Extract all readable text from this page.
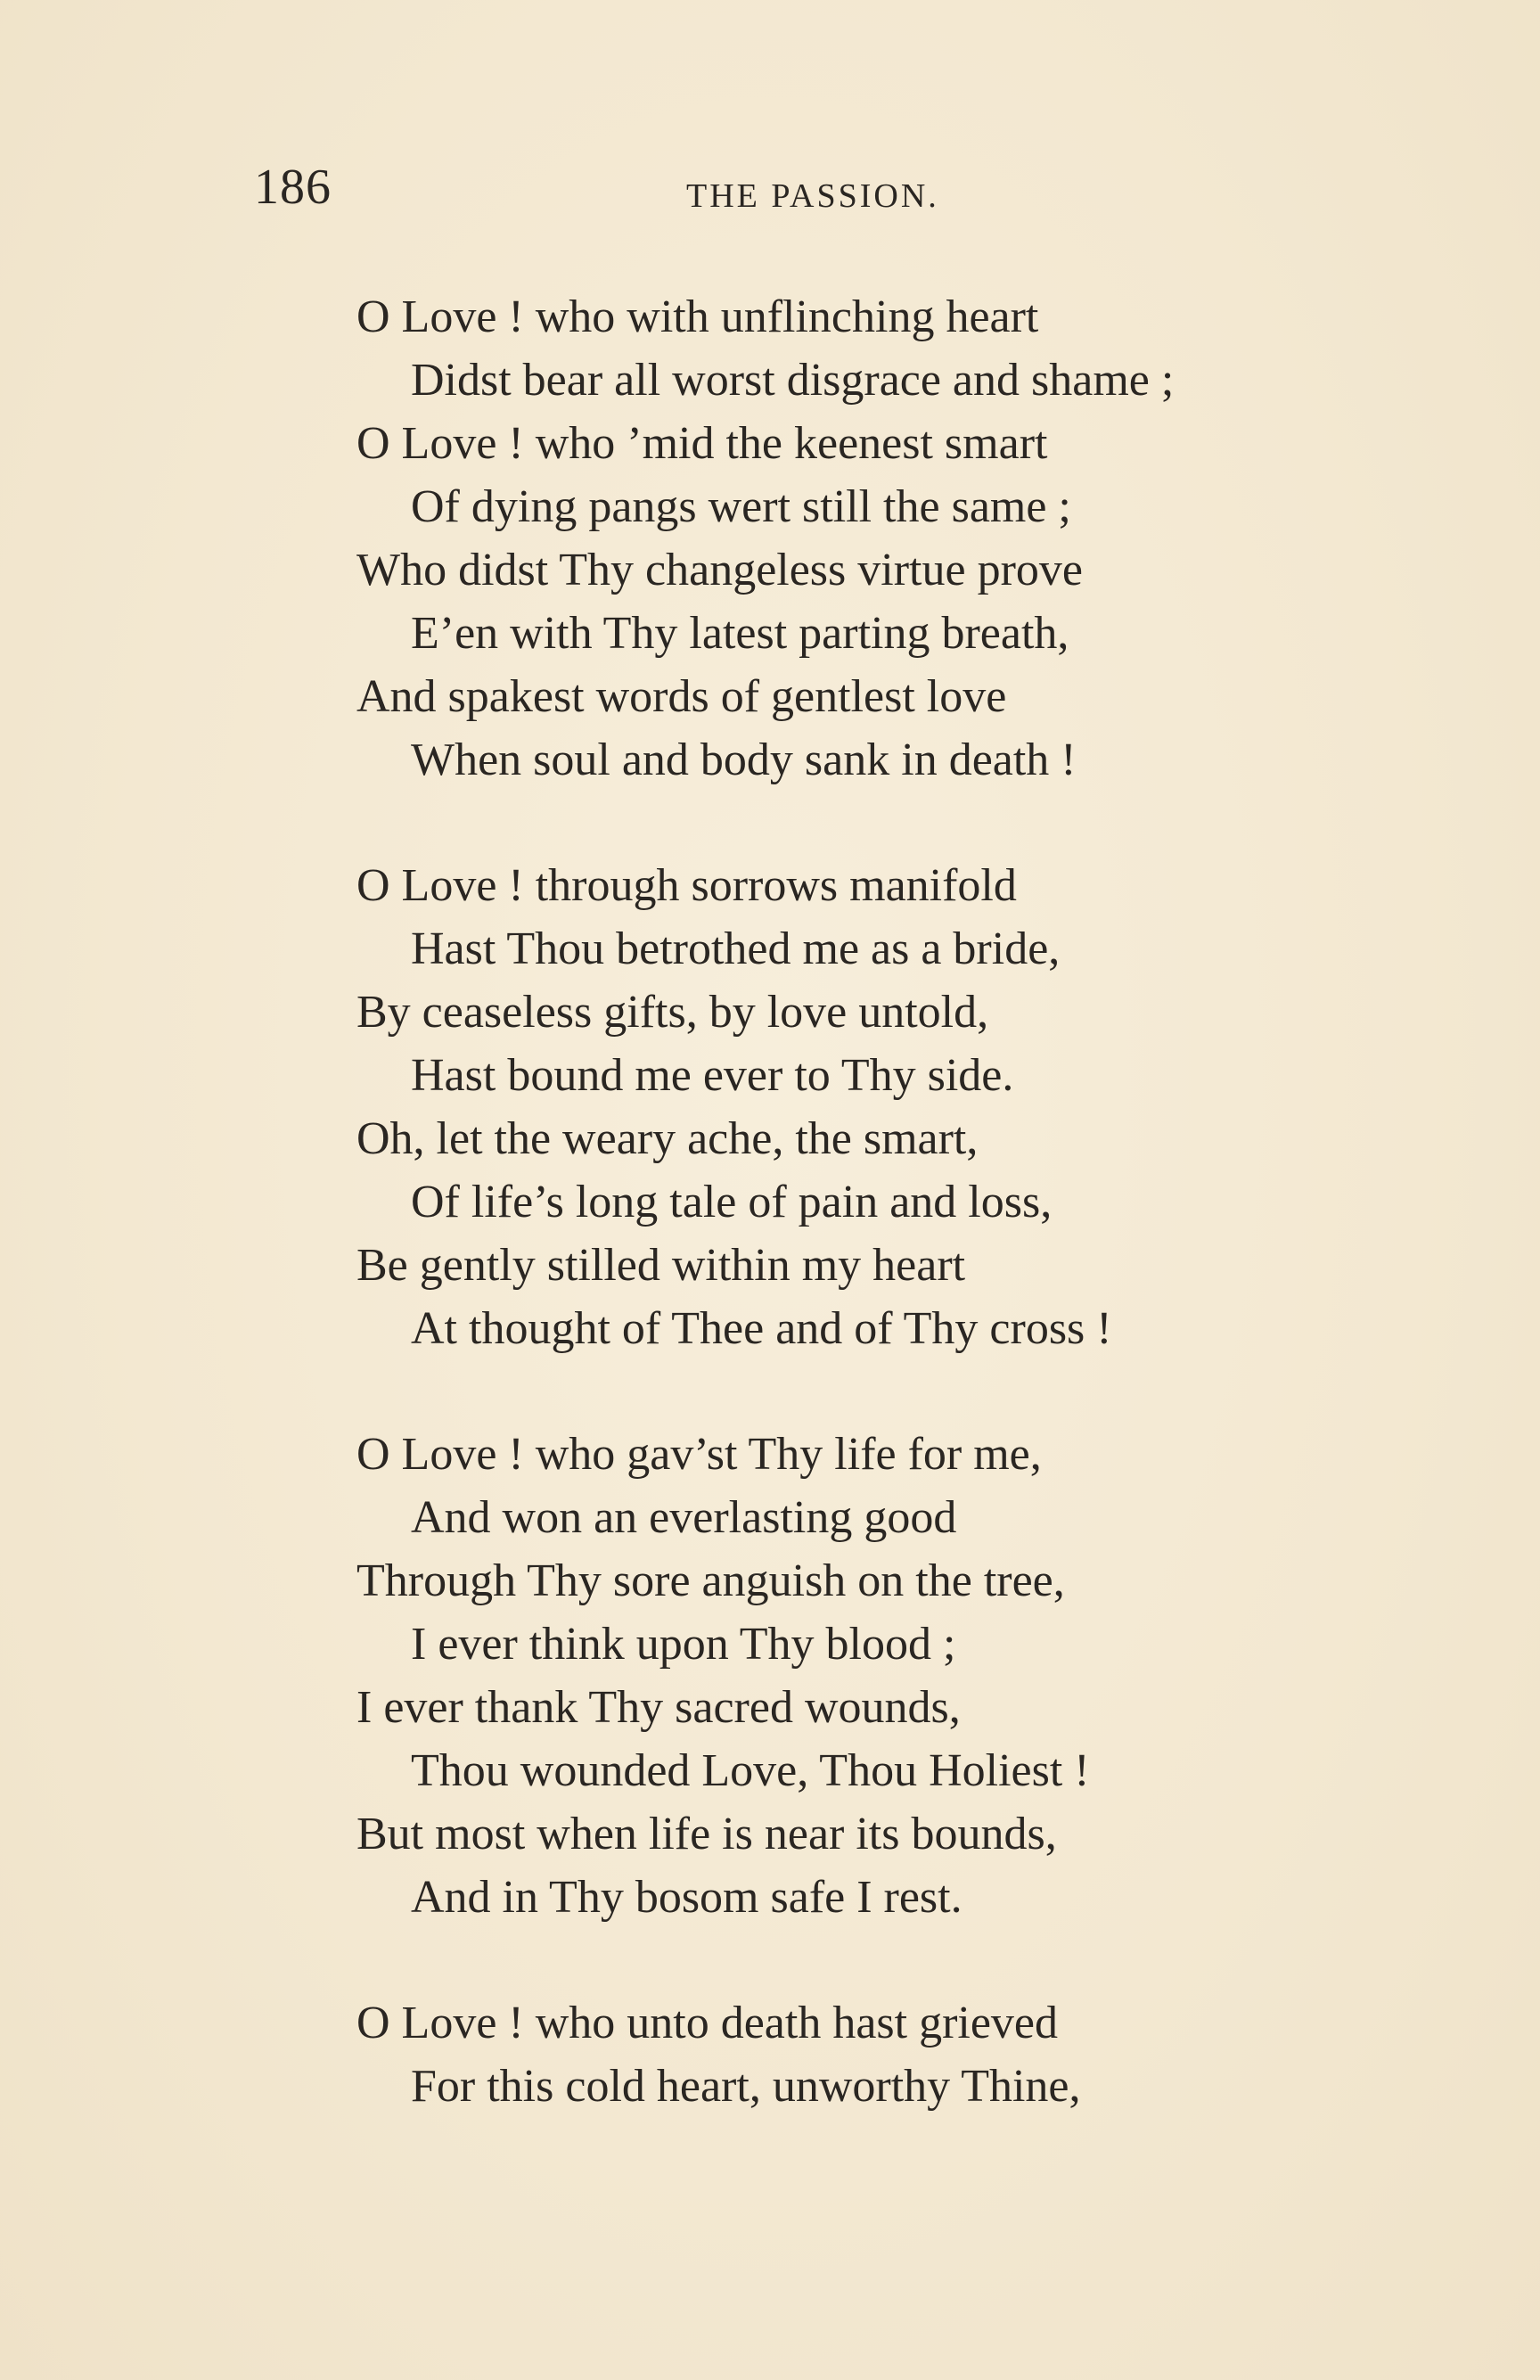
186	THE PASSION.
O Love ! who with unflinching heart
Didst bear all worst disgrace and shame ;
O Love ! who ’mid the keenest smart
Of dying pangs wert still the same ;
Who didst Thy changeless virtue prove
E’en with Thy latest parting breath,
And spakest words of gentlest love
When soul and body sank in death !
O Love ! through sorrows manifold
Hast Thou betrothed me as a bride,
By ceaseless gifts, by love untold,
Hast bound me ever to Thy side.
Oh, let the weary ache, the smart,
Of life’s long tale of pain and loss,
Be gently stilled within my heart
At thought of Thee and of Thy cross !
O Love ! who gav’st Thy life for me,
And won an everlasting good
Through Thy sore anguish on the tree,
I ever think upon Thy blood ;
I ever thank Thy sacred wounds,
Thou wounded Love, Thou Holiest !
But most when life is near its bounds,
And in Thy bosom safe I rest.
O Love ! who unto death hast grieved
For this cold heart, unworthy Thine,
